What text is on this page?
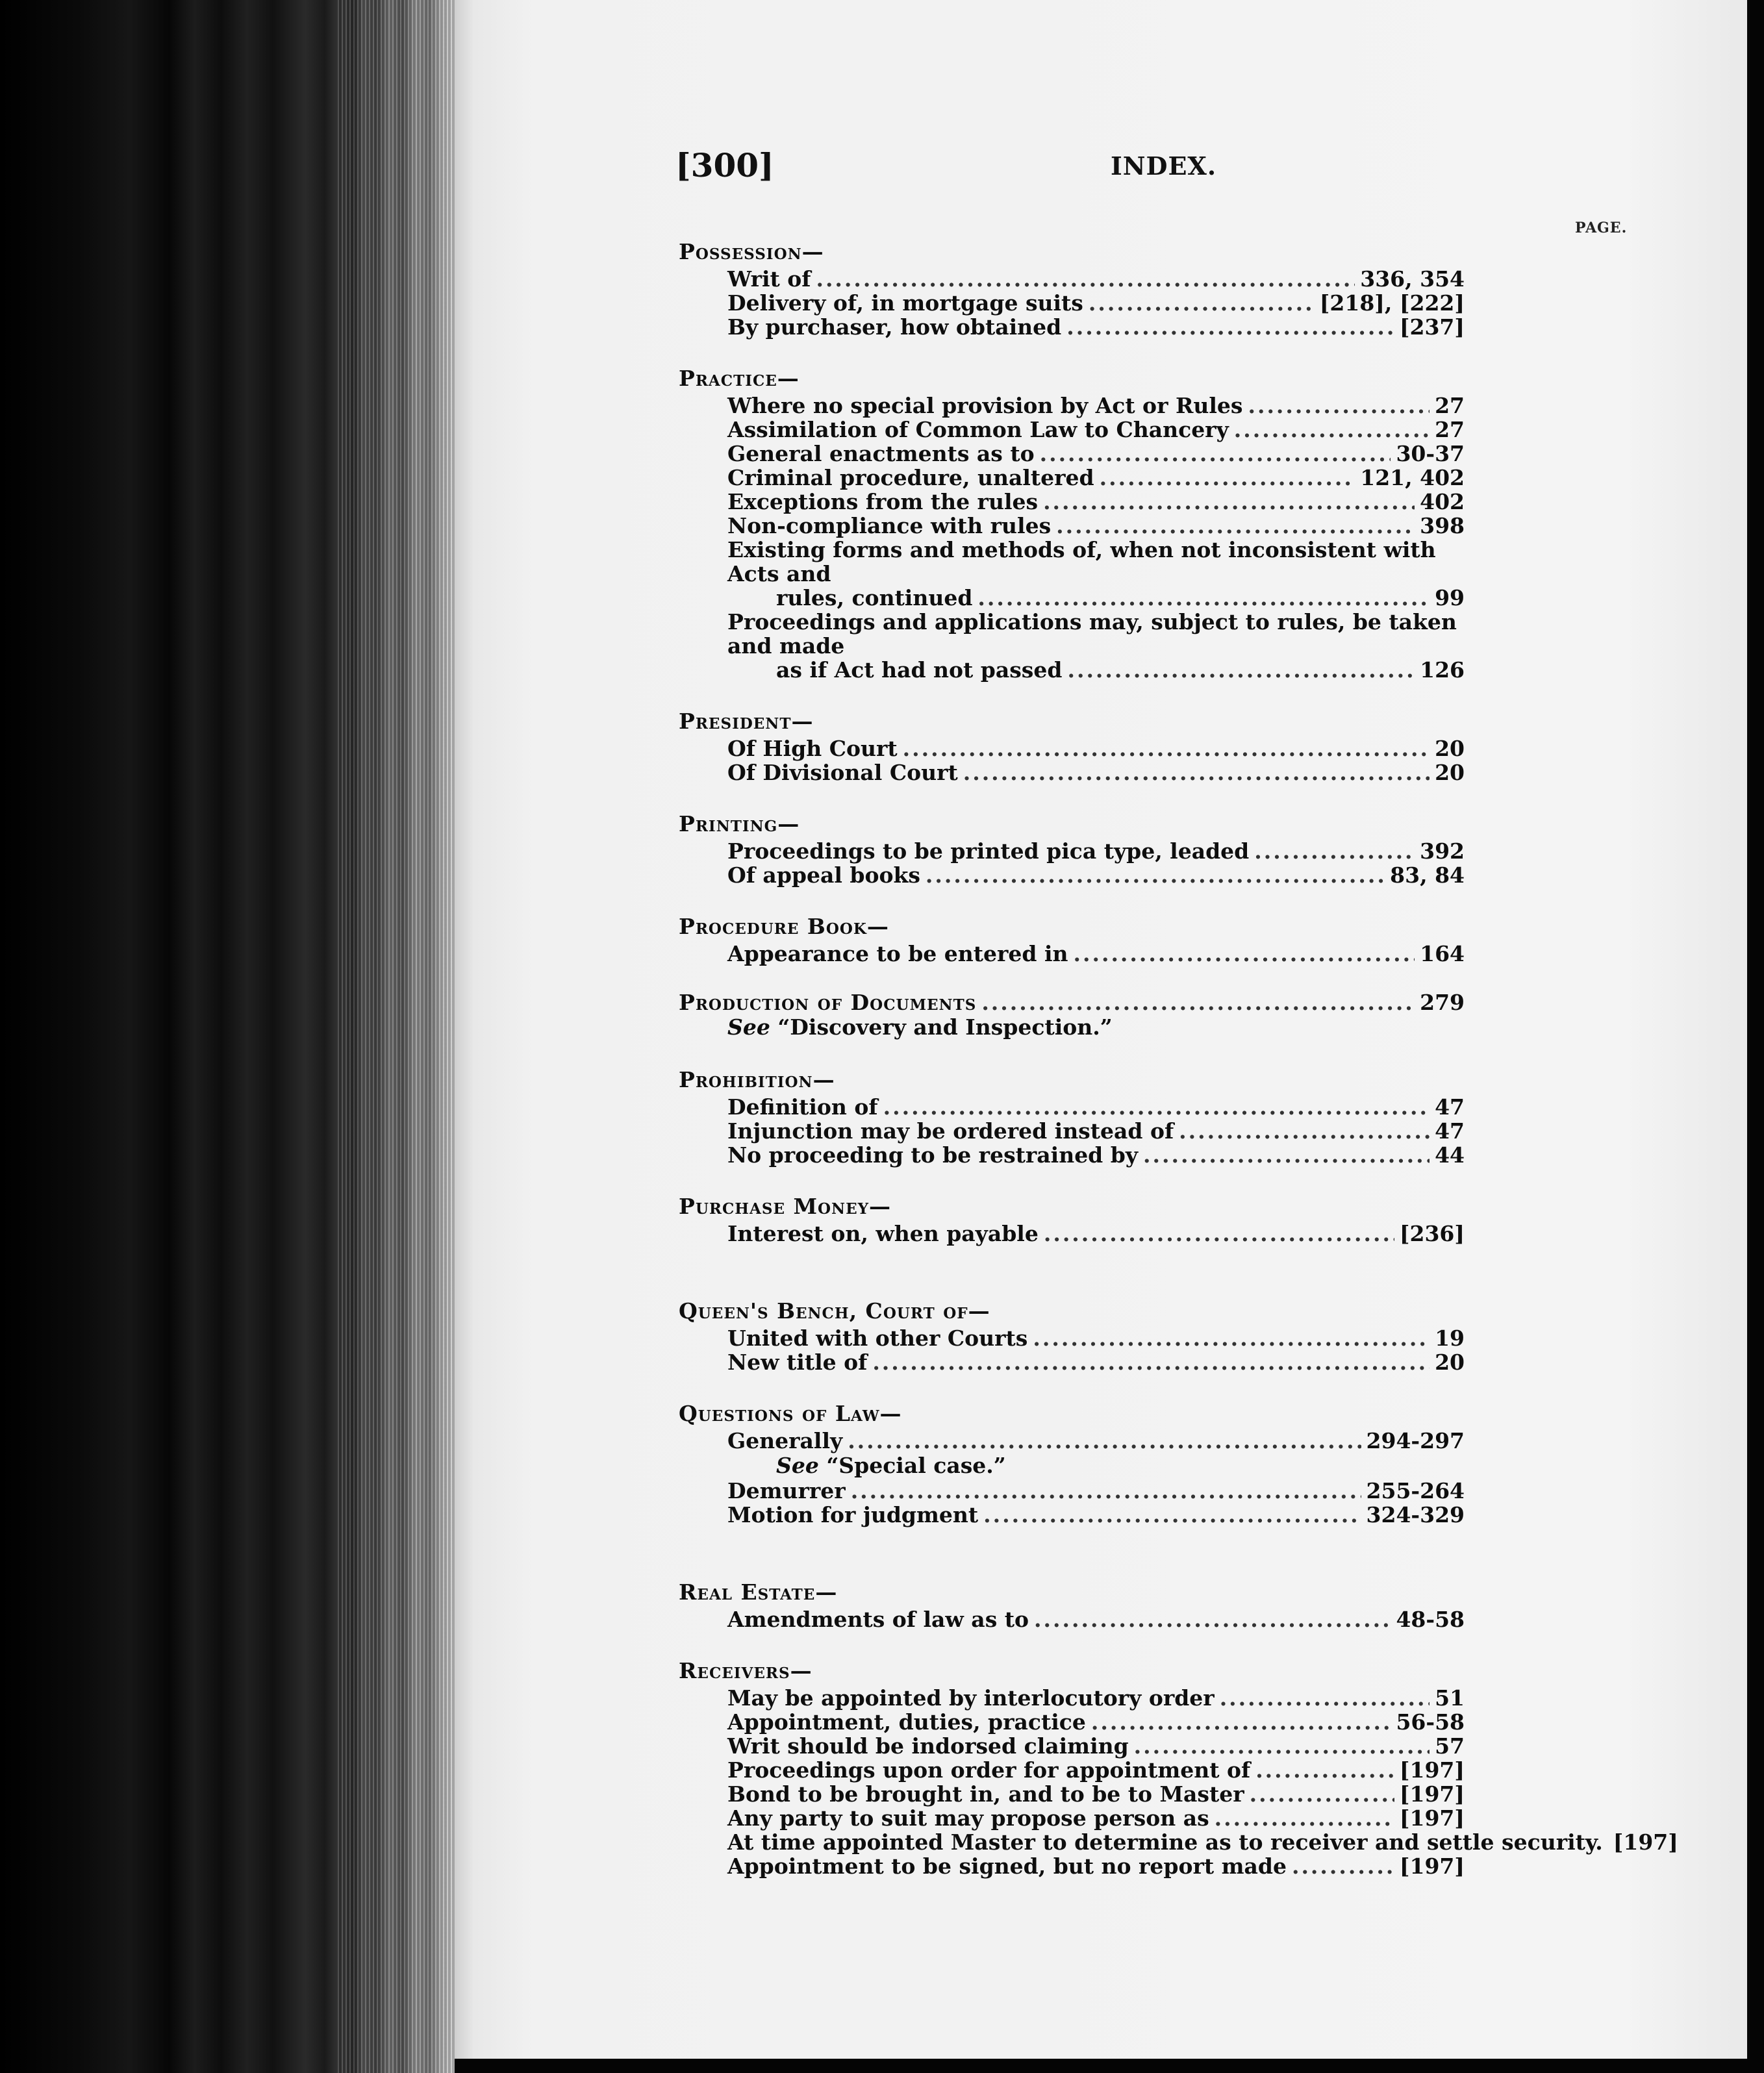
[300]	INDEX.
PAGE.
Possession—
Writ of .....	336, 354
Delivery of, in mortgage suits .....	[218], [222]
By purchaser, how obtained .....	[237]
Practice—
Where no special provision by Act or Rules .....	27
Assimilation of Common Law to Chancery .....	27
General enactments as to .....	30-37
Criminal procedure, unaltered .....	121, 402
Exceptions from the rules .....	402
Non-compliance with rules .....	398
Existing forms and methods of, when not inconsistent with Acts and
rules, continued .....	99
Proceedings and applications may, subject to rules, be taken and made
as if Act had not passed .....	126
President—
Of High Court .....	20
Of Divisional Court .....	20
Printing—
Proceedings to be printed pica type, leaded .....	392
Of appeal books .....	83, 84
Procedure Book—
Appearance to be entered in .....	164
Production of Documents .....	279
See “Discovery and Inspection.”
Prohibition—
Definition of .....	47
Injunction may be ordered instead of .....	47
No proceeding to be restrained by .....	44
Purchase Money—
Interest on, when payable .....	[236]
Queen's Bench, Court of—
United with other Courts .....	19
New title of .....	20
Questions of Law—
Generally .....	294-297
See “Special case.”
Demurrer .....	255-264
Motion for judgment .....	324-329
Real Estate—
Amendments of law as to .....	48-58
Receivers—
May be appointed by interlocutory order .....	51
Appointment, duties, practice .....	56-58
Writ should be indorsed claiming .....	57
Proceedings upon order for appointment of .....	[197]
Bond to be brought in, and to be to Master .....	[197]
Any party to suit may propose person as .....	[197]
At time appointed Master to determine as to receiver and settle security. [197]
Appointment to be signed, but no report made .....	[197]
